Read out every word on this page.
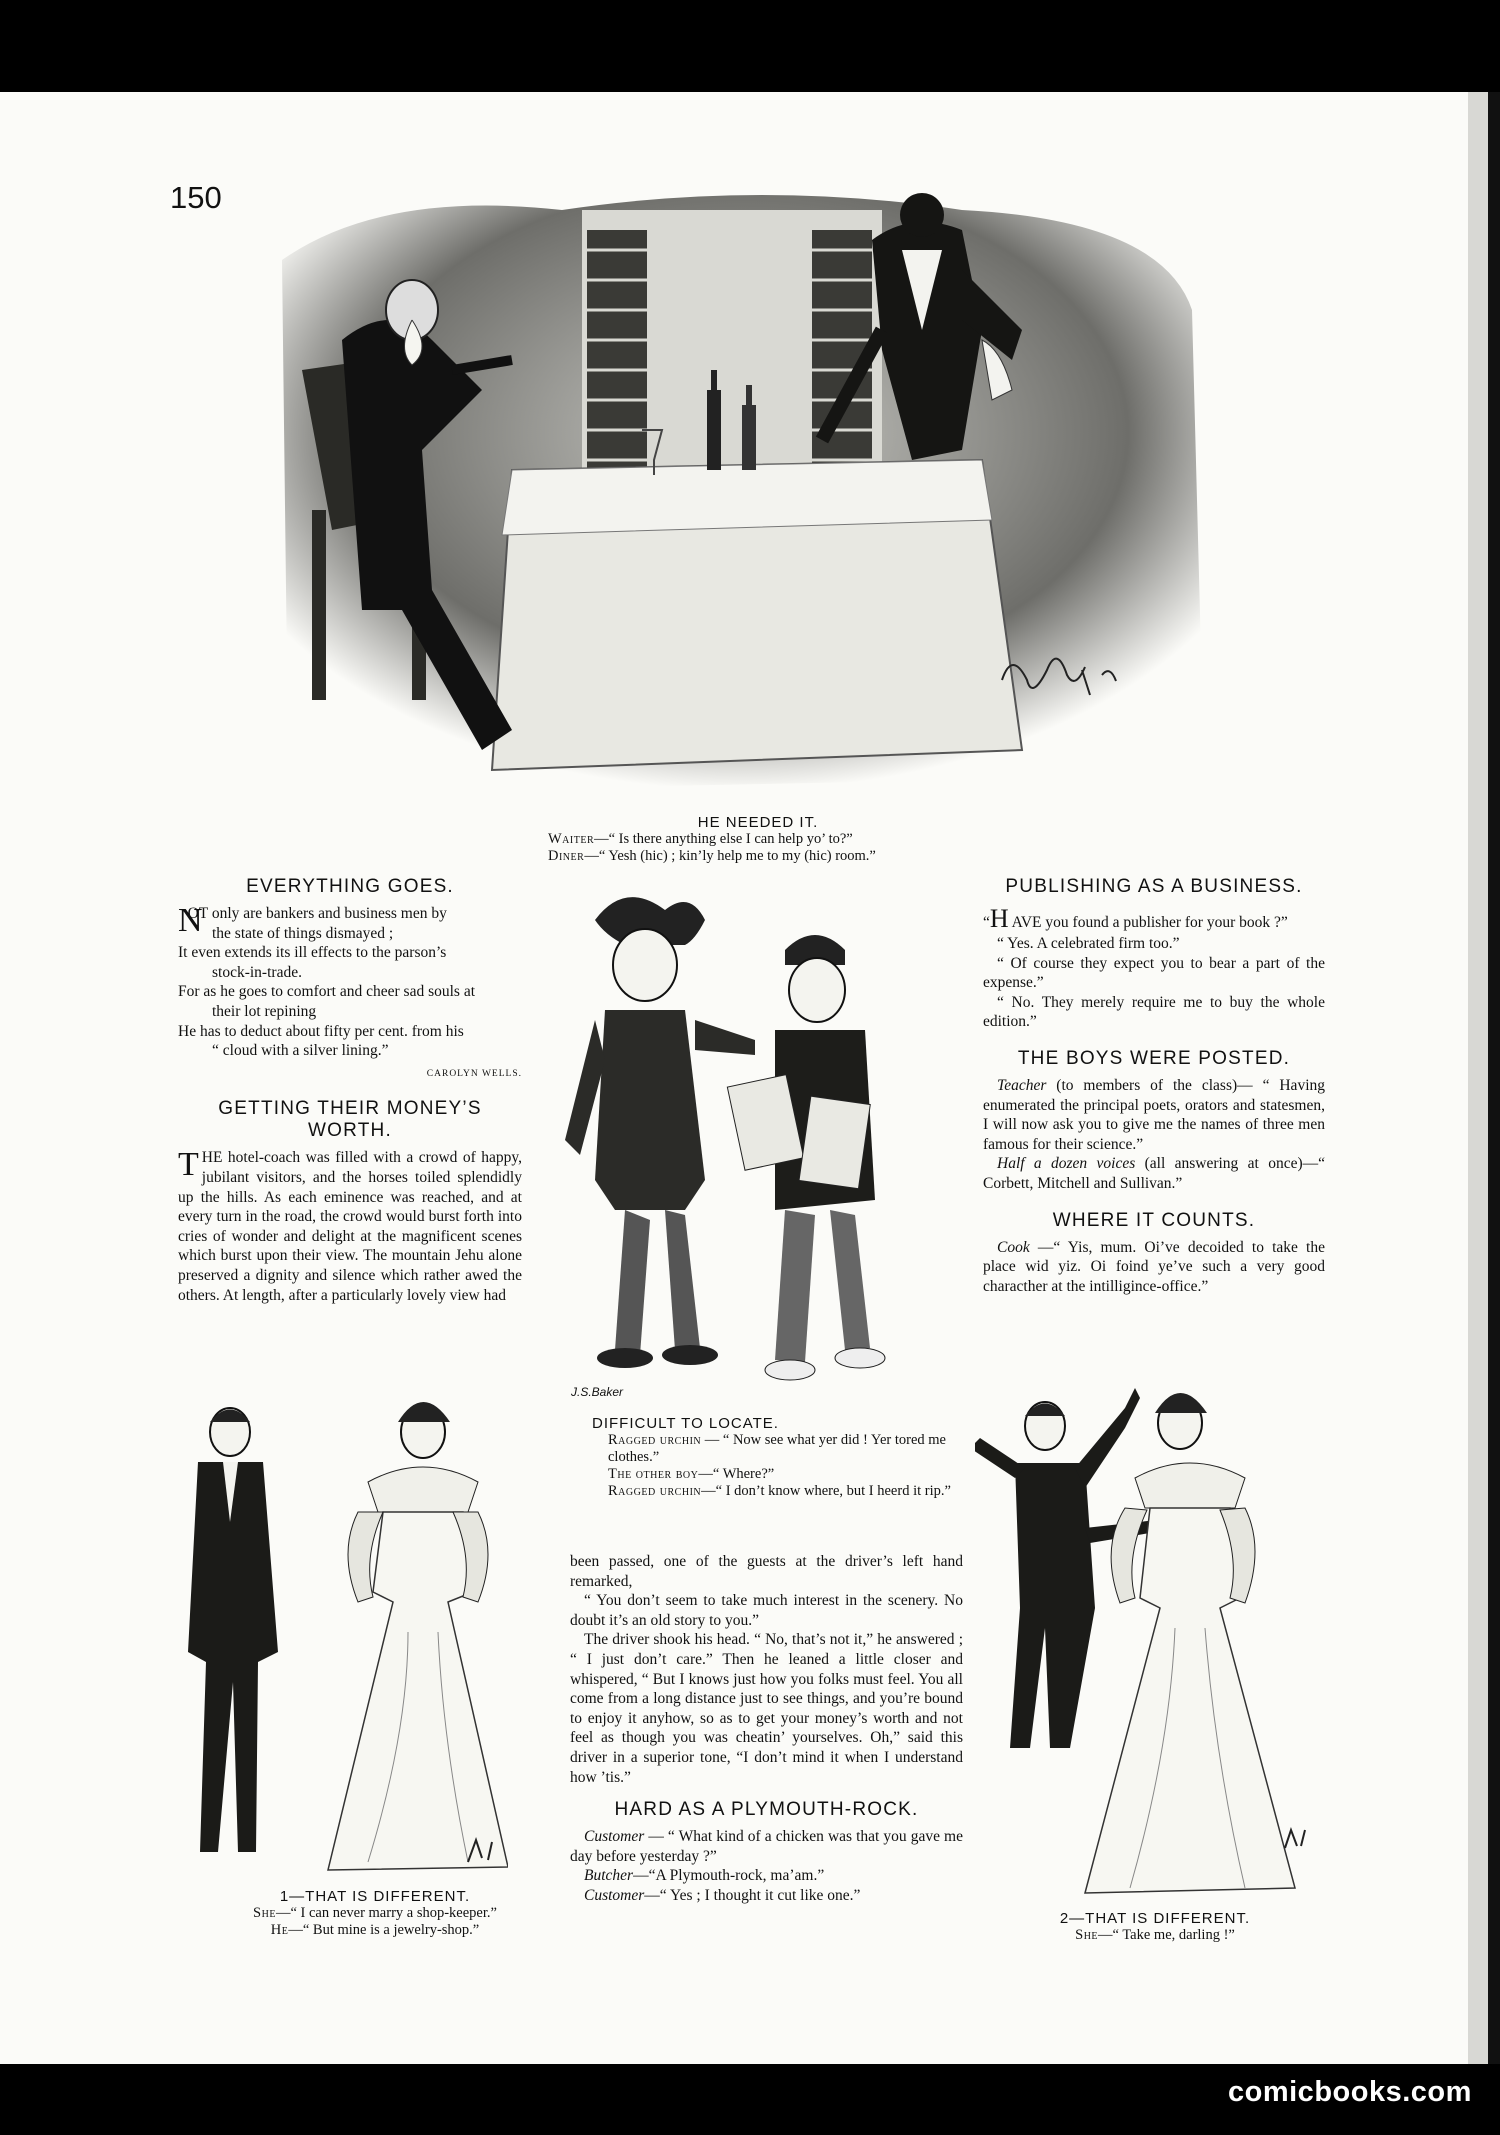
150
HE NEEDED IT.
Waiter—“ Is there anything else I can help yo’ to?”
Diner—“ Yesh (hic) ; kin’ly help me to my (hic) room.”
EVERYTHING GOES.
N
OT only are bankers and business men by
the state of things dismayed ;
It even extends its ill effects to the parson’s
stock-in-trade.
For as he goes to comfort and cheer sad souls at
their lot repining
He has to deduct about fifty per cent. from his
“ cloud with a silver lining.”
CAROLYN WELLS.
GETTING THEIR MONEY’S WORTH.

THE hotel-coach was filled with a crowd of happy, jubilant visitors, and the horses toiled splendidly up the hills. As each eminence was reached, and at every turn in the road, the crowd would burst forth into cries of wonder and delight at the magnificent scenes which burst upon their view. The mountain Jehu alone preserved a dignity and silence which rather awed the others. At length, after a particularly lovely view had

J.S.Baker
DIFFICULT TO LOCATE.
Ragged urchin — “ Now see what yer did ! Yer tored me clothes.”
The other boy—“ Where?”
Ragged urchin—“ I don’t know where, but I heerd it rip.”

been passed, one of the guests at the driver’s left hand remarked,

“ You don’t seem to take much interest in the scenery. No doubt it’s an old story to you.”

The driver shook his head. “ No, that’s not it,” he answered ; “ I just don’t care.” Then he leaned a little closer and whispered, “ But I knows just how you folks must feel. You all come from a long distance just to see things, and you’re bound to enjoy it anyhow, so as to get your money’s worth and not feel as though you was cheatin’ yourselves. Oh,” said this driver in a superior tone, “I don’t mind it when I understand how ’tis.”

HARD AS A PLYMOUTH-ROCK.

Customer — “ What kind of a chicken was that you gave me day before yesterday ?”

Butcher—“A Plymouth-rock, ma’am.”

Customer—“ Yes ; I thought it cut like one.”

PUBLISHING AS A BUSINESS.

“H AVE you found a publisher for your book ?”

“ Yes. A celebrated firm too.”

“ Of course they expect you to bear a part of the expense.”

“ No. They merely require me to buy the whole edition.”

THE BOYS WERE POSTED.

Teacher (to members of the class)— “ Having enumerated the principal poets, orators and statesmen, I will now ask you to give me the names of three men famous for their science.”

Half a dozen voices (all answering at once)—“ Corbett, Mitchell and Sullivan.”

WHERE IT COUNTS.

Cook —“ Yis, mum. Oi’ve decoided to take the place wid yiz. Oi foind ye’ve such a very good characther at the intilligince-office.”

1—THAT IS DIFFERENT.
She—“ I can never marry a shop-keeper.”
He—“ But mine is a jewelry-shop.”
2—THAT IS DIFFERENT.
She—“ Take me, darling !”
comicbooks.com
